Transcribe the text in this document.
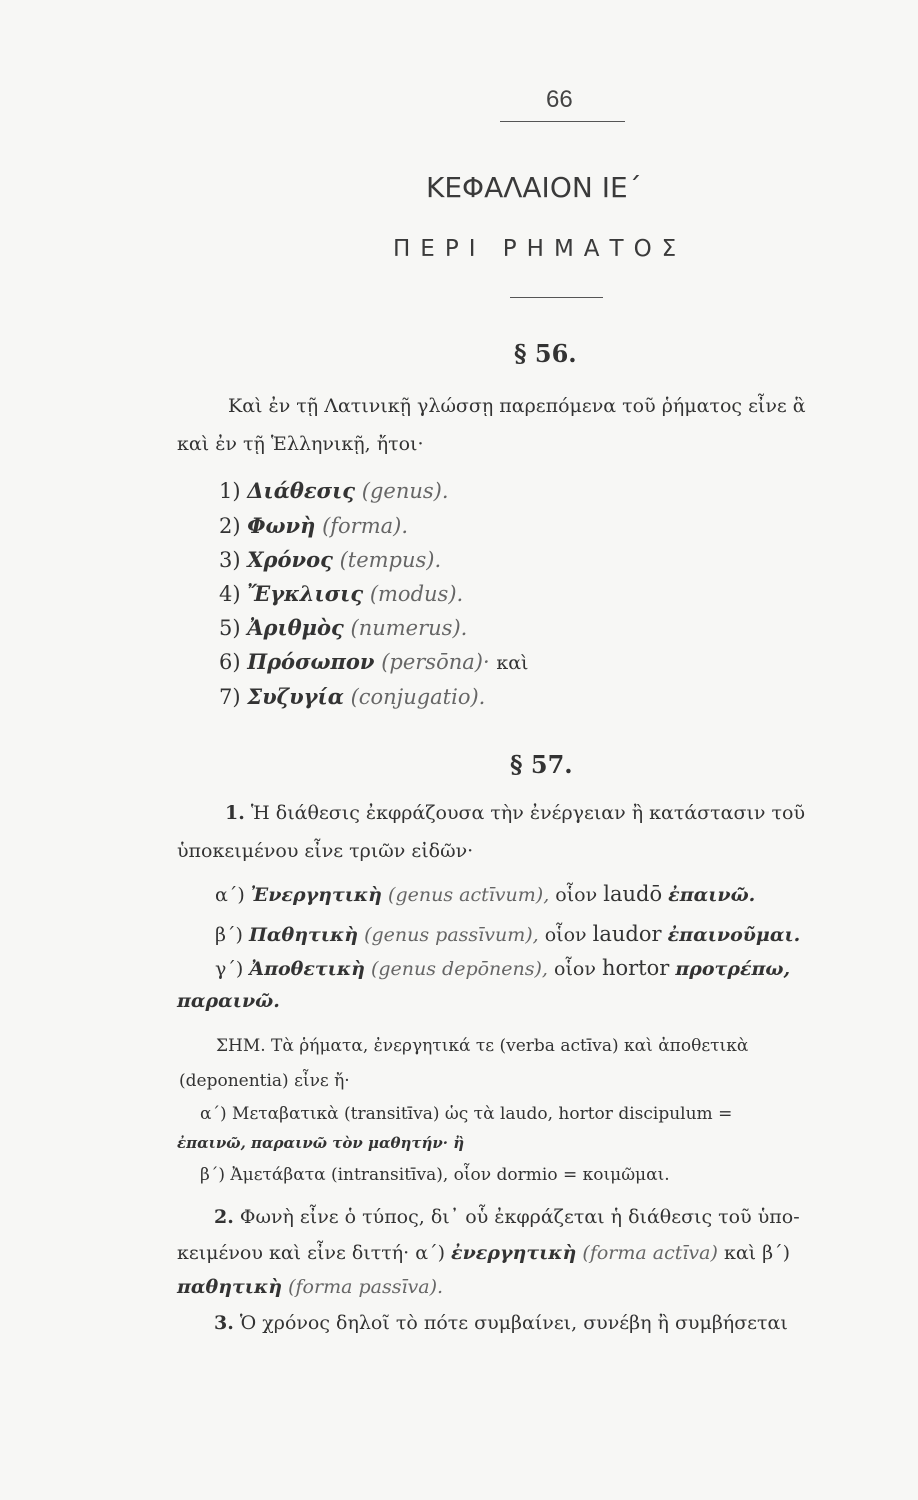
66
ΚΕΦΑΛΑΙΟΝ ΙΕ΄
ΠΕΡΙ ΡΗΜΑΤΟΣ
§ 56.
Καὶ ἐν τῇ Λατινικῇ γλώσσῃ παρεπόμενα τοῦ ῥήματος εἶνε ἃ
καὶ ἐν τῇ Ἑλληνικῇ, ἤτοι·
1) Διάθεσις (genus).
2) Φωνὴ (forma).
3) Χρόνος (tempus).
4) Ἔγκλισις (modus).
5) Ἀριθμὸς (numerus).
6) Πρόσωπον (persōna)· καὶ
7) Συζυγία (conjugatio).
§ 57.
1. Ἡ διάθεσις ἐκφράζουσα τὴν ἐνέργειαν ἢ κατάστασιν τοῦ
ὑποκειμένου εἶνε τριῶν εἰδῶν·
α΄) Ἐνεργητικὴ (genus actīvum), οἷον laudō ἐπαινῶ.
β΄) Παθητικὴ (genus passīvum), οἷον laudor ἐπαινοῦμαι.
γ΄) Ἀποθετικὴ (genus depōnens), οἷον hortor προτρέπω,
παραινῶ.
ΣΗΜ. Τὰ ῥήματα, ἐνεργητικά τε (verba actīva) καὶ ἀποθετικὰ
(deponentia) εἶνε ἤ·
α΄) Μεταβατικὰ (transitīva) ὡς τὰ laudo, hortor discipulum =
ἐπαινῶ, παραινῶ τὸν μαθητήν· ἢ
β΄) Ἀμετάβατα (intransitīva), οἷον dormio = κοιμῶμαι.
2. Φωνὴ εἶνε ὁ τύπος, δι᾽ οὗ ἐκφράζεται ἡ διάθεσις τοῦ ὑπο-
κειμένου καὶ εἶνε διττή· α΄) ἐνεργητικὴ (forma actīva) καὶ β΄)
παθητικὴ (forma passīva).
3. Ὁ χρόνος δηλοῖ τὸ πότε συμβαίνει, συνέβη ἢ συμβήσεται
